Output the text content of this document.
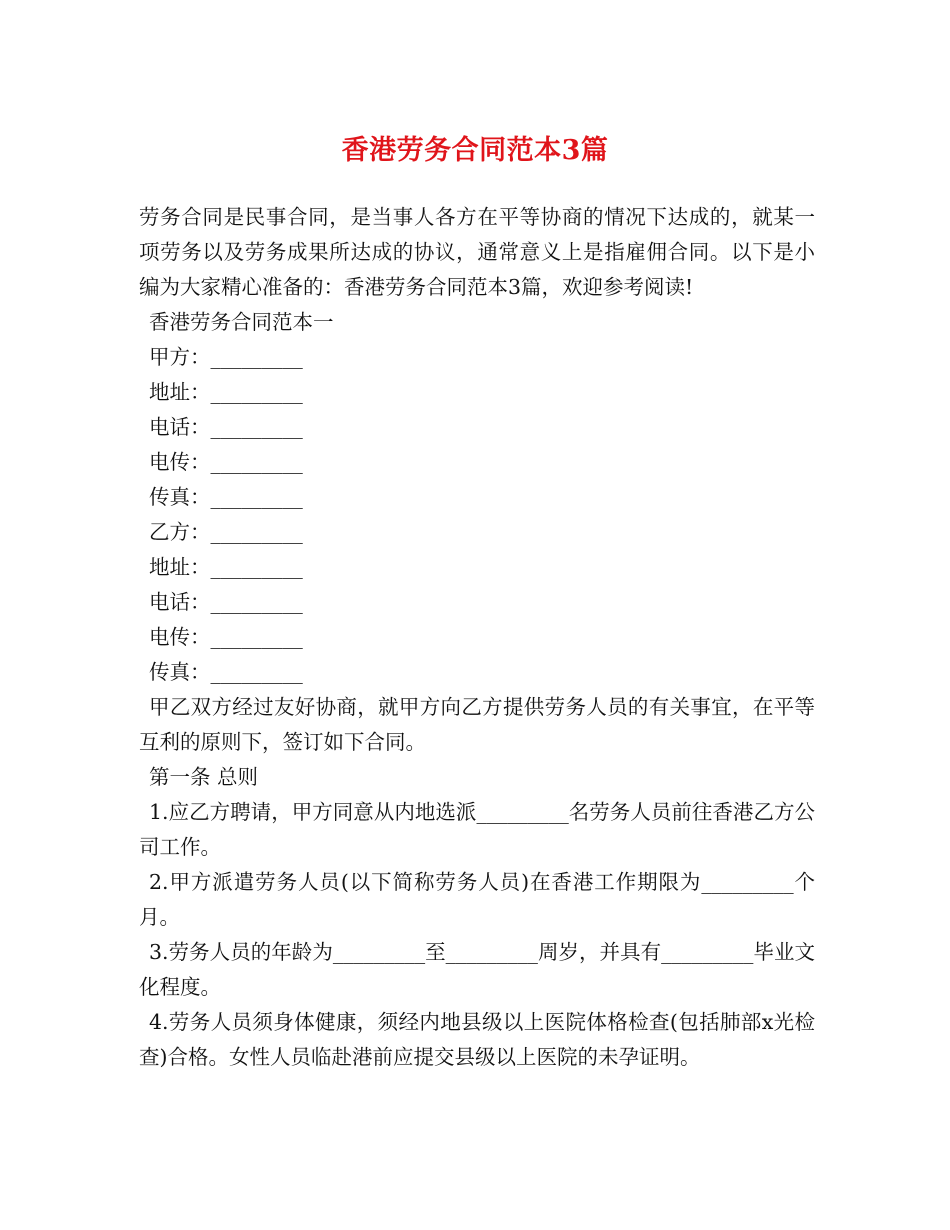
香港劳务合同范本3篇

劳务合同是民事合同，是当事人各方在平等协商的情况下达成的，就某一项劳务以及劳务成果所达成的协议，通常意义上是指雇佣合同。以下是小编为大家精心准备的：香港劳务合同范本3篇，欢迎参考阅读!

香港劳务合同范本一

甲方：_________

地址：_________

电话：_________

电传：_________

传真：_________

乙方：_________

地址：_________

电话：_________

电传：_________

传真：_________

甲乙双方经过友好协商，就甲方向乙方提供劳务人员的有关事宜，在平等互利的原则下，签订如下合同。

第一条 总则

1.应乙方聘请，甲方同意从内地选派_________名劳务人员前往香港乙方公司工作。

2.甲方派遣劳务人员(以下简称劳务人员)在香港工作期限为_________个月。

3.劳务人员的年龄为_________至_________周岁，并具有_________毕业文化程度。

4.劳务人员须身体健康，须经内地县级以上医院体格检查(包括肺部x光检查)合格。女性人员临赴港前应提交县级以上医院的未孕证明。
